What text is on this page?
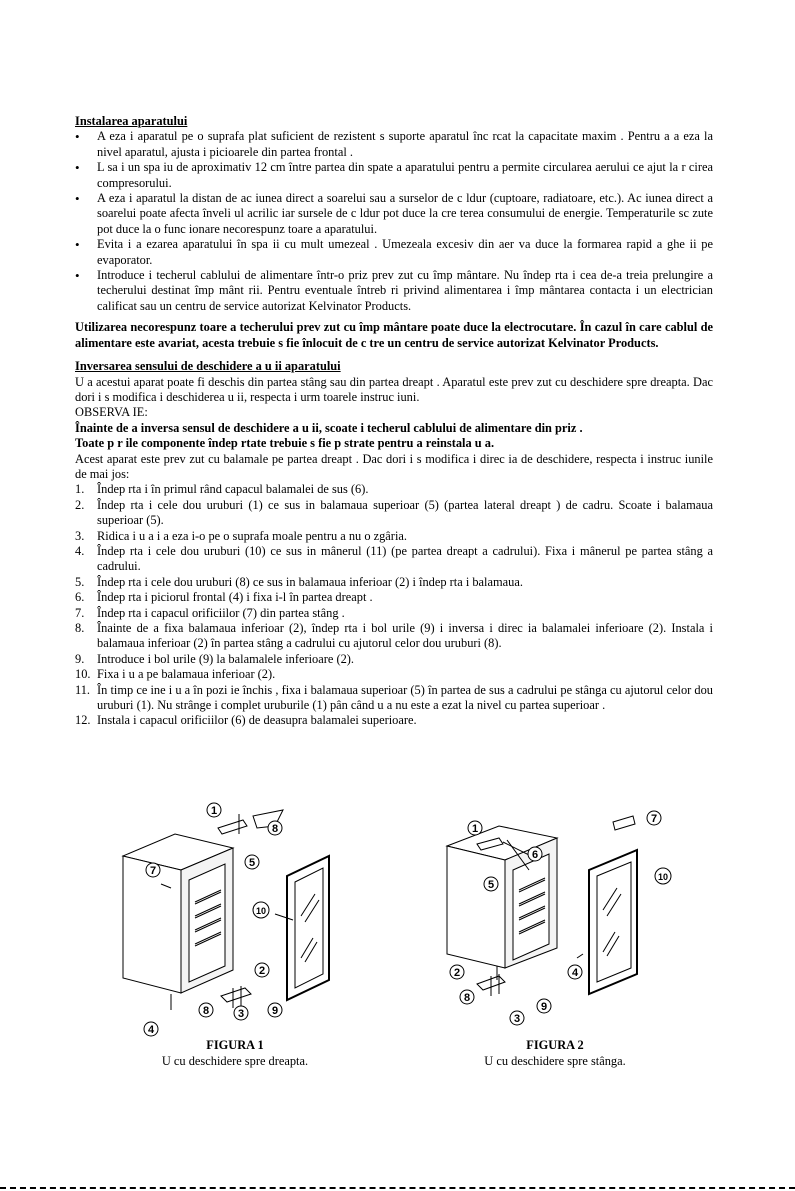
Instalarea aparatului
• A eza i aparatul pe o suprafa plat suficient de rezistent s suporte aparatul înc rcat la capacitate maxim . Pentru a a eza la nivel aparatul, ajusta i picioarele din partea frontal .
• L sa i un spa iu de aproximativ 12 cm între partea din spate a aparatului pentru a permite circularea aerului ce ajut la r cirea compresorului.
• A eza i aparatul la distan de ac iunea direct a soarelui sau a surselor de c ldur (cuptoare, radiatoare, etc.). Ac iunea direct a soarelui poate afecta înveli ul acrilic iar sursele de c ldur pot duce la cre terea consumului de energie. Temperaturile sc zute pot duce la o func ionare necorespunz toare a aparatului.
• Evita i a ezarea aparatului în spa ii cu mult umezeal . Umezeala excesiv din aer va duce la formarea rapid a ghe ii pe evaporator.
• Introduce i techerul cablului de alimentare într-o priz prev zut cu împ mântare. Nu îndep rta i cea de-a treia prelungire a techerului destinat împ mânt rii. Pentru eventuale întreb ri privind alimentarea i împ mântarea contacta i un electrician calificat sau un centru de service autorizat Kelvinator Products.
Utilizarea necorespunz toare a techerului prev zut cu împ mântare poate duce la electrocutare. În cazul în care cablul de alimentare este avariat, acesta trebuie s fie înlocuit de c tre un centru de service autorizat Kelvinator Products.
Inversarea sensului de deschidere a u ii aparatului
U a acestui aparat poate fi deschis din partea stâng sau din partea dreapt . Aparatul este prev zut cu deschidere spre dreapta. Dac dori i s modifica i deschiderea u ii, respecta i urm toarele instruc iuni.
OBSERVA IE:
Înainte de a inversa sensul de deschidere a u ii, scoate i techerul cablului de alimentare din priz .
Toate p r ile componente îndep rtate trebuie s fie p strate pentru a reinstala u a.
Acest aparat este prev zut cu balamale pe partea dreapt . Dac dori i s modifica i direc ia de deschidere, respecta i instruc iunile de mai jos:
1. Îndep rta i în primul rând capacul balamalei de sus (6).
2. Îndep rta i cele dou uruburi (1) ce sus in balamaua superioar (5) (partea lateral dreapt ) de cadru. Scoate i balamaua superioar (5).
3. Ridica i u a i a eza i-o pe o suprafa moale pentru a nu o zgâria.
4. Îndep rta i cele dou uruburi (10) ce sus in mânerul (11) (pe partea dreapt a cadrului). Fixa i mânerul pe partea stâng a cadrului.
5. Îndep rta i cele dou uruburi (8) ce sus in balamaua inferioar (2) i îndep rta i balamaua.
6. Îndep rta i piciorul frontal (4) i fixa i-l în partea dreapt .
7. Îndep rta i capacul orificiilor (7) din partea stâng .
8. Înainte de a fixa balamaua inferioar (2), îndep rta i bol urile (9) i inversa i direc ia balamalei inferioare (2). Instala i balamaua inferioar (2) în partea stâng a cadrului cu ajutorul celor dou uruburi (8).
9. Introduce i bol urile (9) la balamalele inferioare (2).
10. Fixa i u a pe balamaua inferioar (2).
11. În timp ce ine i u a în pozi ie închis , fixa i balamaua superioar (5) în partea de sus a cadrului pe stânga cu ajutorul celor dou uruburi (1). Nu strânge i complet uruburile (1) pân când u a nu este a ezat la nivel cu partea superioar .
12. Instala i capacul orificiilor (6) de deasupra balamalei superioare.
1
8
5
7
10
2
4
8	3	9
FIGURA 1
U cu deschidere spre dreapta.
1
7
6
5
10
2	4
8
9
3
FIGURA 2
U cu deschidere spre stânga.
